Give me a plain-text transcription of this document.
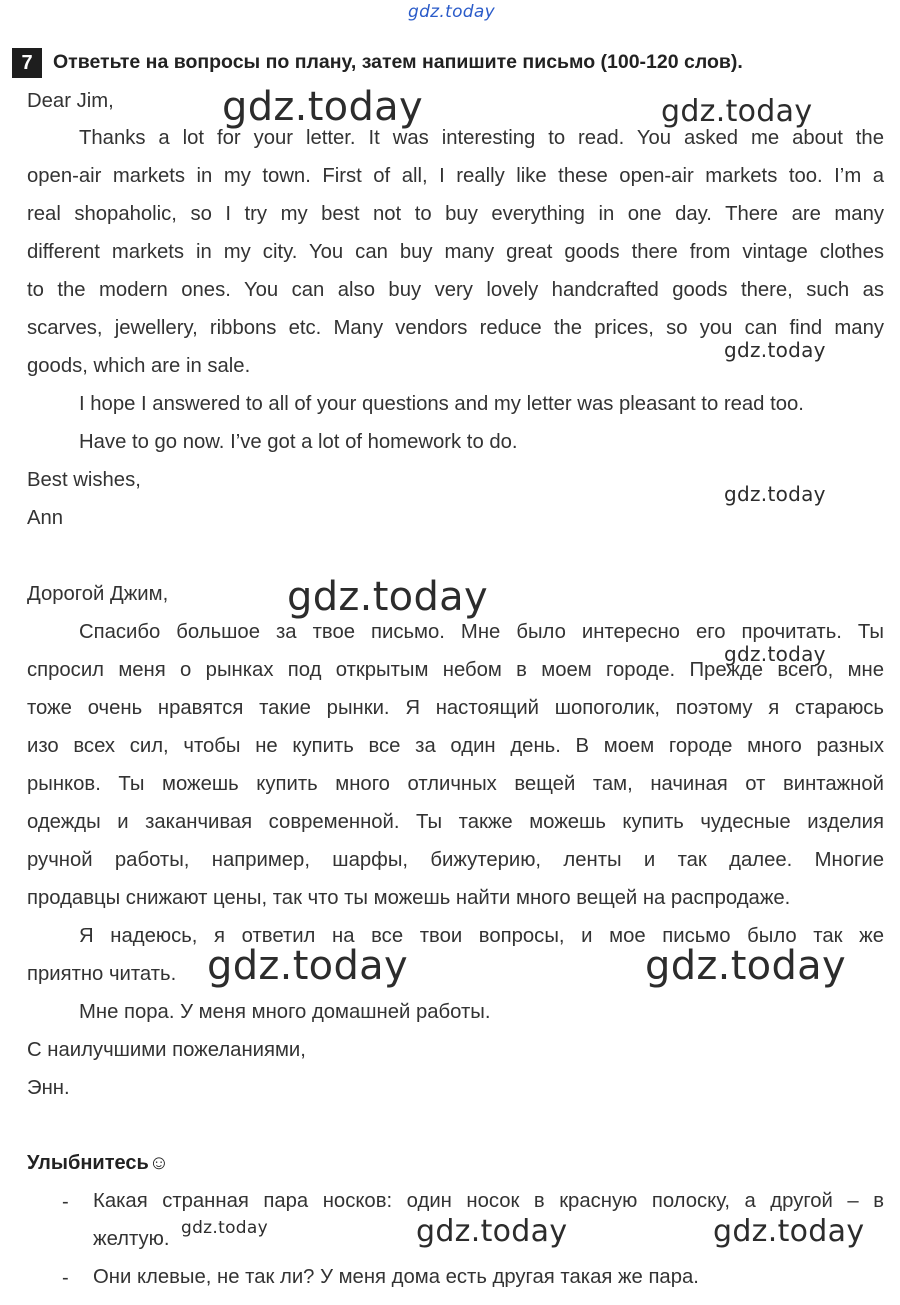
gdz.today
gdz.today	gdz.today
gdz.today
gdz.today
gdz.today
gdz.today
gdz.today	gdz.today
gdz.today	gdz.today	gdz.today
7	Ответьте на вопросы по плану, затем напишите письмо (100-120 слов).
Dear Jim,
Thanks a lot for your letter. It was interesting to read. You asked me about the
open-air markets in my town. First of all, I really like these open-air markets too. I’m a
real shopaholic, so I try my best not to buy everything in one day. There are many
different markets in my city. You can buy many great goods there from vintage clothes
to the modern ones. You can also buy very lovely handcrafted goods there, such as
scarves, jewellery, ribbons etc. Many vendors reduce the prices, so you can find many
goods, which are in sale.
I hope I answered to all of your questions and my letter was pleasant to read too.
Have to go now. I’ve got a lot of homework to do.
Best wishes,
Ann
Дорогой Джим,
Спасибо большое за твое письмо. Мне было интересно его прочитать. Ты
спросил меня о рынках под открытым небом в моем городе. Прежде всего, мне
тоже очень нравятся такие рынки. Я настоящий шопоголик, поэтому я стараюсь
изо всех сил, чтобы не купить все за один день. В моем городе много разных
рынков. Ты можешь купить много отличных вещей там, начиная от винтажной
одежды и заканчивая современной. Ты также можешь купить чудесные изделия
ручной работы, например, шарфы, бижутерию, ленты и так далее. Многие
продавцы снижают цены, так что ты можешь найти много вещей на распродаже.
Я надеюсь, я ответил на все твои вопросы, и мое письмо было так же
приятно читать.
Мне пора. У меня много домашней работы.
С наилучшими пожеланиями,
Энн.
Улыбнитесь☺
- Какая странная пара носков: один носок в красную полоску, а другой – в
желтую.
- Они клевые, не так ли? У меня дома есть другая такая же пара.
